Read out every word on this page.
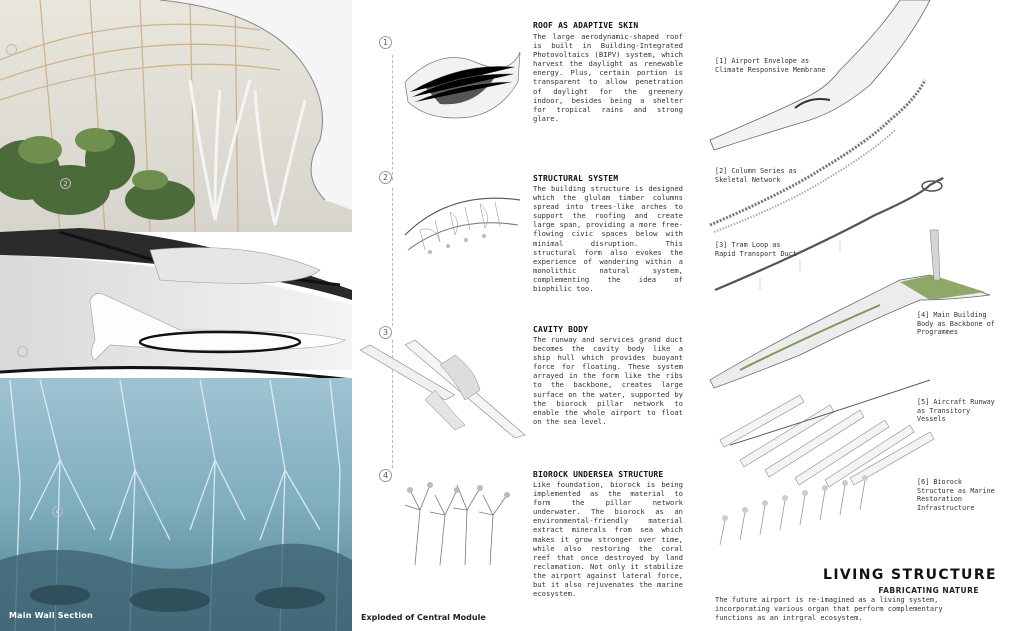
1
2
3
4
Main Wall Section
1
2
3
4
ROOF AS ADAPTIVE SKIN
The large aerodynamic-shaped roof is built in Building-Integrated Photovoltaics (BIPV) system, which harvest the daylight as renewable energy. Plus, certain portion is transparent to allow penetration of daylight for the greenery indoor, besides being a shelter for tropical rains and strong glare.
STRUCTURAL SYSTEM
The building structure is designed which the glulam timber columns spread into trees-like arches to support the roofing and create large span, providing a more free-flowing civic spaces below with minimal disruption. This structural form also evokes the experience of wandering within a monolithic natural system, complementing the idea of biophilic too.
CAVITY BODY
The runway and services grand duct becomes the cavity body like a ship hull which provides buoyant force for floating. These system arrayed in the form like the ribs to the backbone, creates large surface on the water, supported by the biorock pillar network to enable the whole airport to float on the sea level.
BIOROCK UNDERSEA STRUCTURE
Like foundation, biorock is being implemented as the material to form the pillar network underwater. The biorock as an environmental-friendly material extract minerals from sea which makes it grow stronger over time, while also restoring the coral reef that once destroyed by land reclamation. Not only it stabilize the airport against lateral force, but it also rejuvenates the marine ecosystem.
Exploded of Central Module
[1] Airport Envelope as Climate Responsive Membrane
[2] Column Series as Skeletal Network
[3] Tram Loop as Rapid Transport Duct
[4] Main Building Body as Backbone of Programmes
[5] Aircraft Runway as Transitory Vessels
[6] Biorock Structure as Marine Restoration Infrastructure
LIVING STRUCTURE
FABRICATING NATURE
The future airport is re-imagined as a living system, incorporating various organ that perform complementary functions as an intrgral ecosystem.
